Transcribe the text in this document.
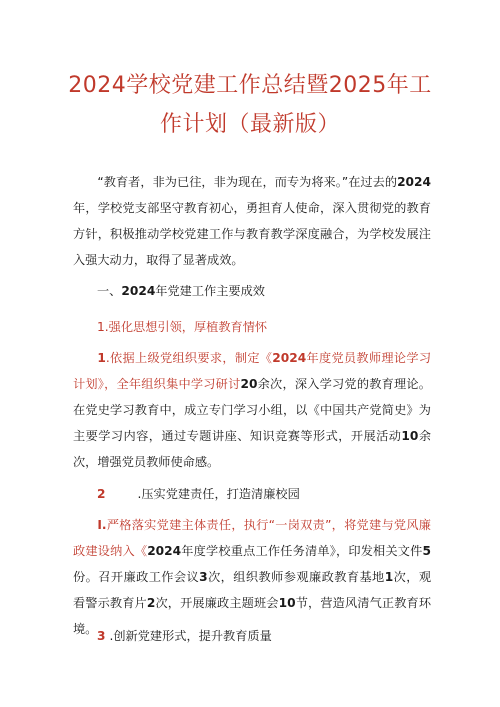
2024学校党建工作总结暨2025年工
作计划（最新版）

“教育者，非为已往，非为现在，而专为将来。”在过去的2024年，学校党支部坚守教育初心，勇担育人使命，深入贯彻党的教育方针，积极推动学校党建工作与教育教学深度融合，为学校发展注入强大动力，取得了显著成效。

一、2024年党建工作主要成效
1.强化思想引领，厚植教育情怀

1.依据上级党组织要求，制定《2024年度党员教师理论学习计划》，全年组织集中学习研讨20余次，深入学习党的教育理论。在党史学习教育中，成立专门学习小组，以《中国共产党简史》为主要学习内容，通过专题讲座、知识竞赛等形式，开展活动10余次，增强党员教师使命感。

2	.压实党建责任，打造清廉校园

I.严格落实党建主体责任，执行“一岗双责”，将党建与党风廉政建设纳入《2024年度学校重点工作任务清单》，印发相关文件5份。召开廉政工作会议3次，组织教师参观廉政教育基地1次，观看警示教育片2次，开展廉政主题班会10节，营造风清气正教育环境。 3 .创新党建形式，提升教育质量
